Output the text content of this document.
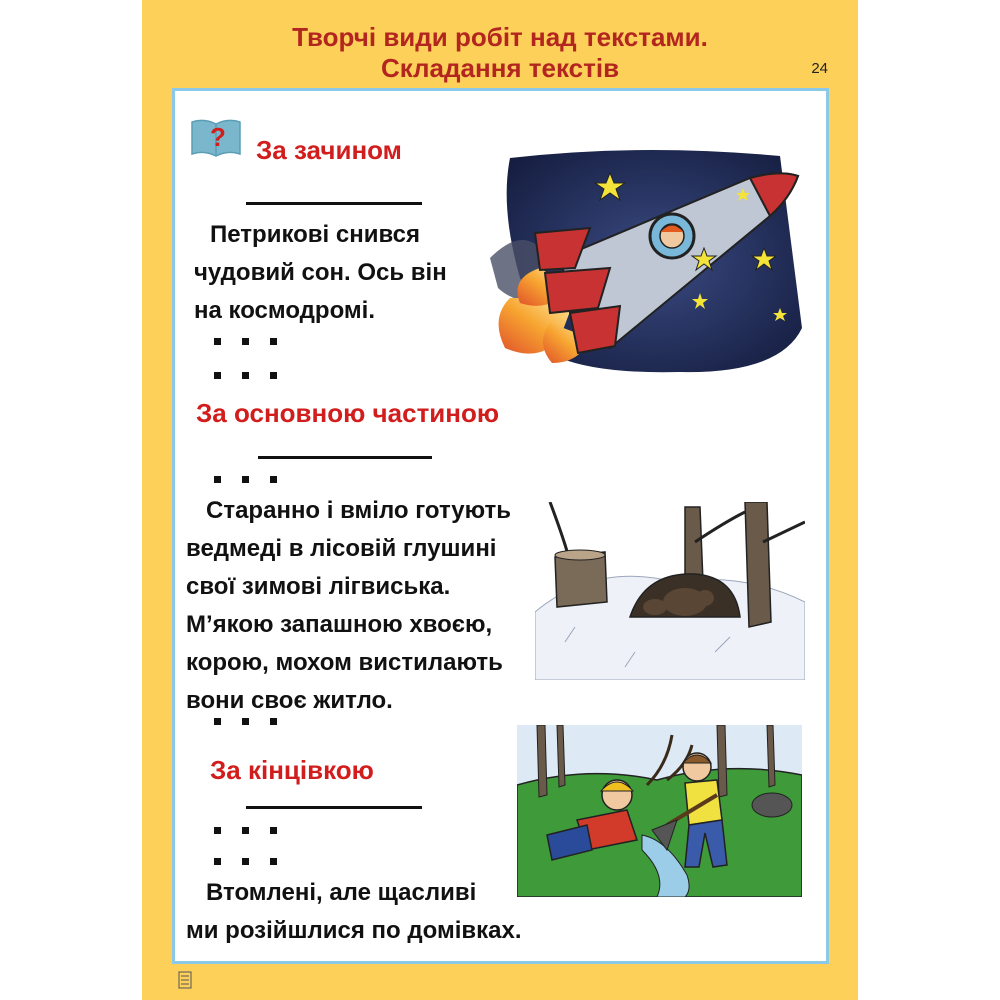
Творчі види робіт над текстами.
Складання текстів	24
? За зачином
Петрикові снився
чудовий сон. Ось він
на космодромі.
За основною частиною
Старанно і вміло готують
ведмеді в лісовій глушині
свої зимові лігвиська.
М’якою запашною хвоєю,
корою, мохом вистилають
вони своє житло.
За кінцівкою
Втомлені, але щасливі
ми розійшлися по домівках.
